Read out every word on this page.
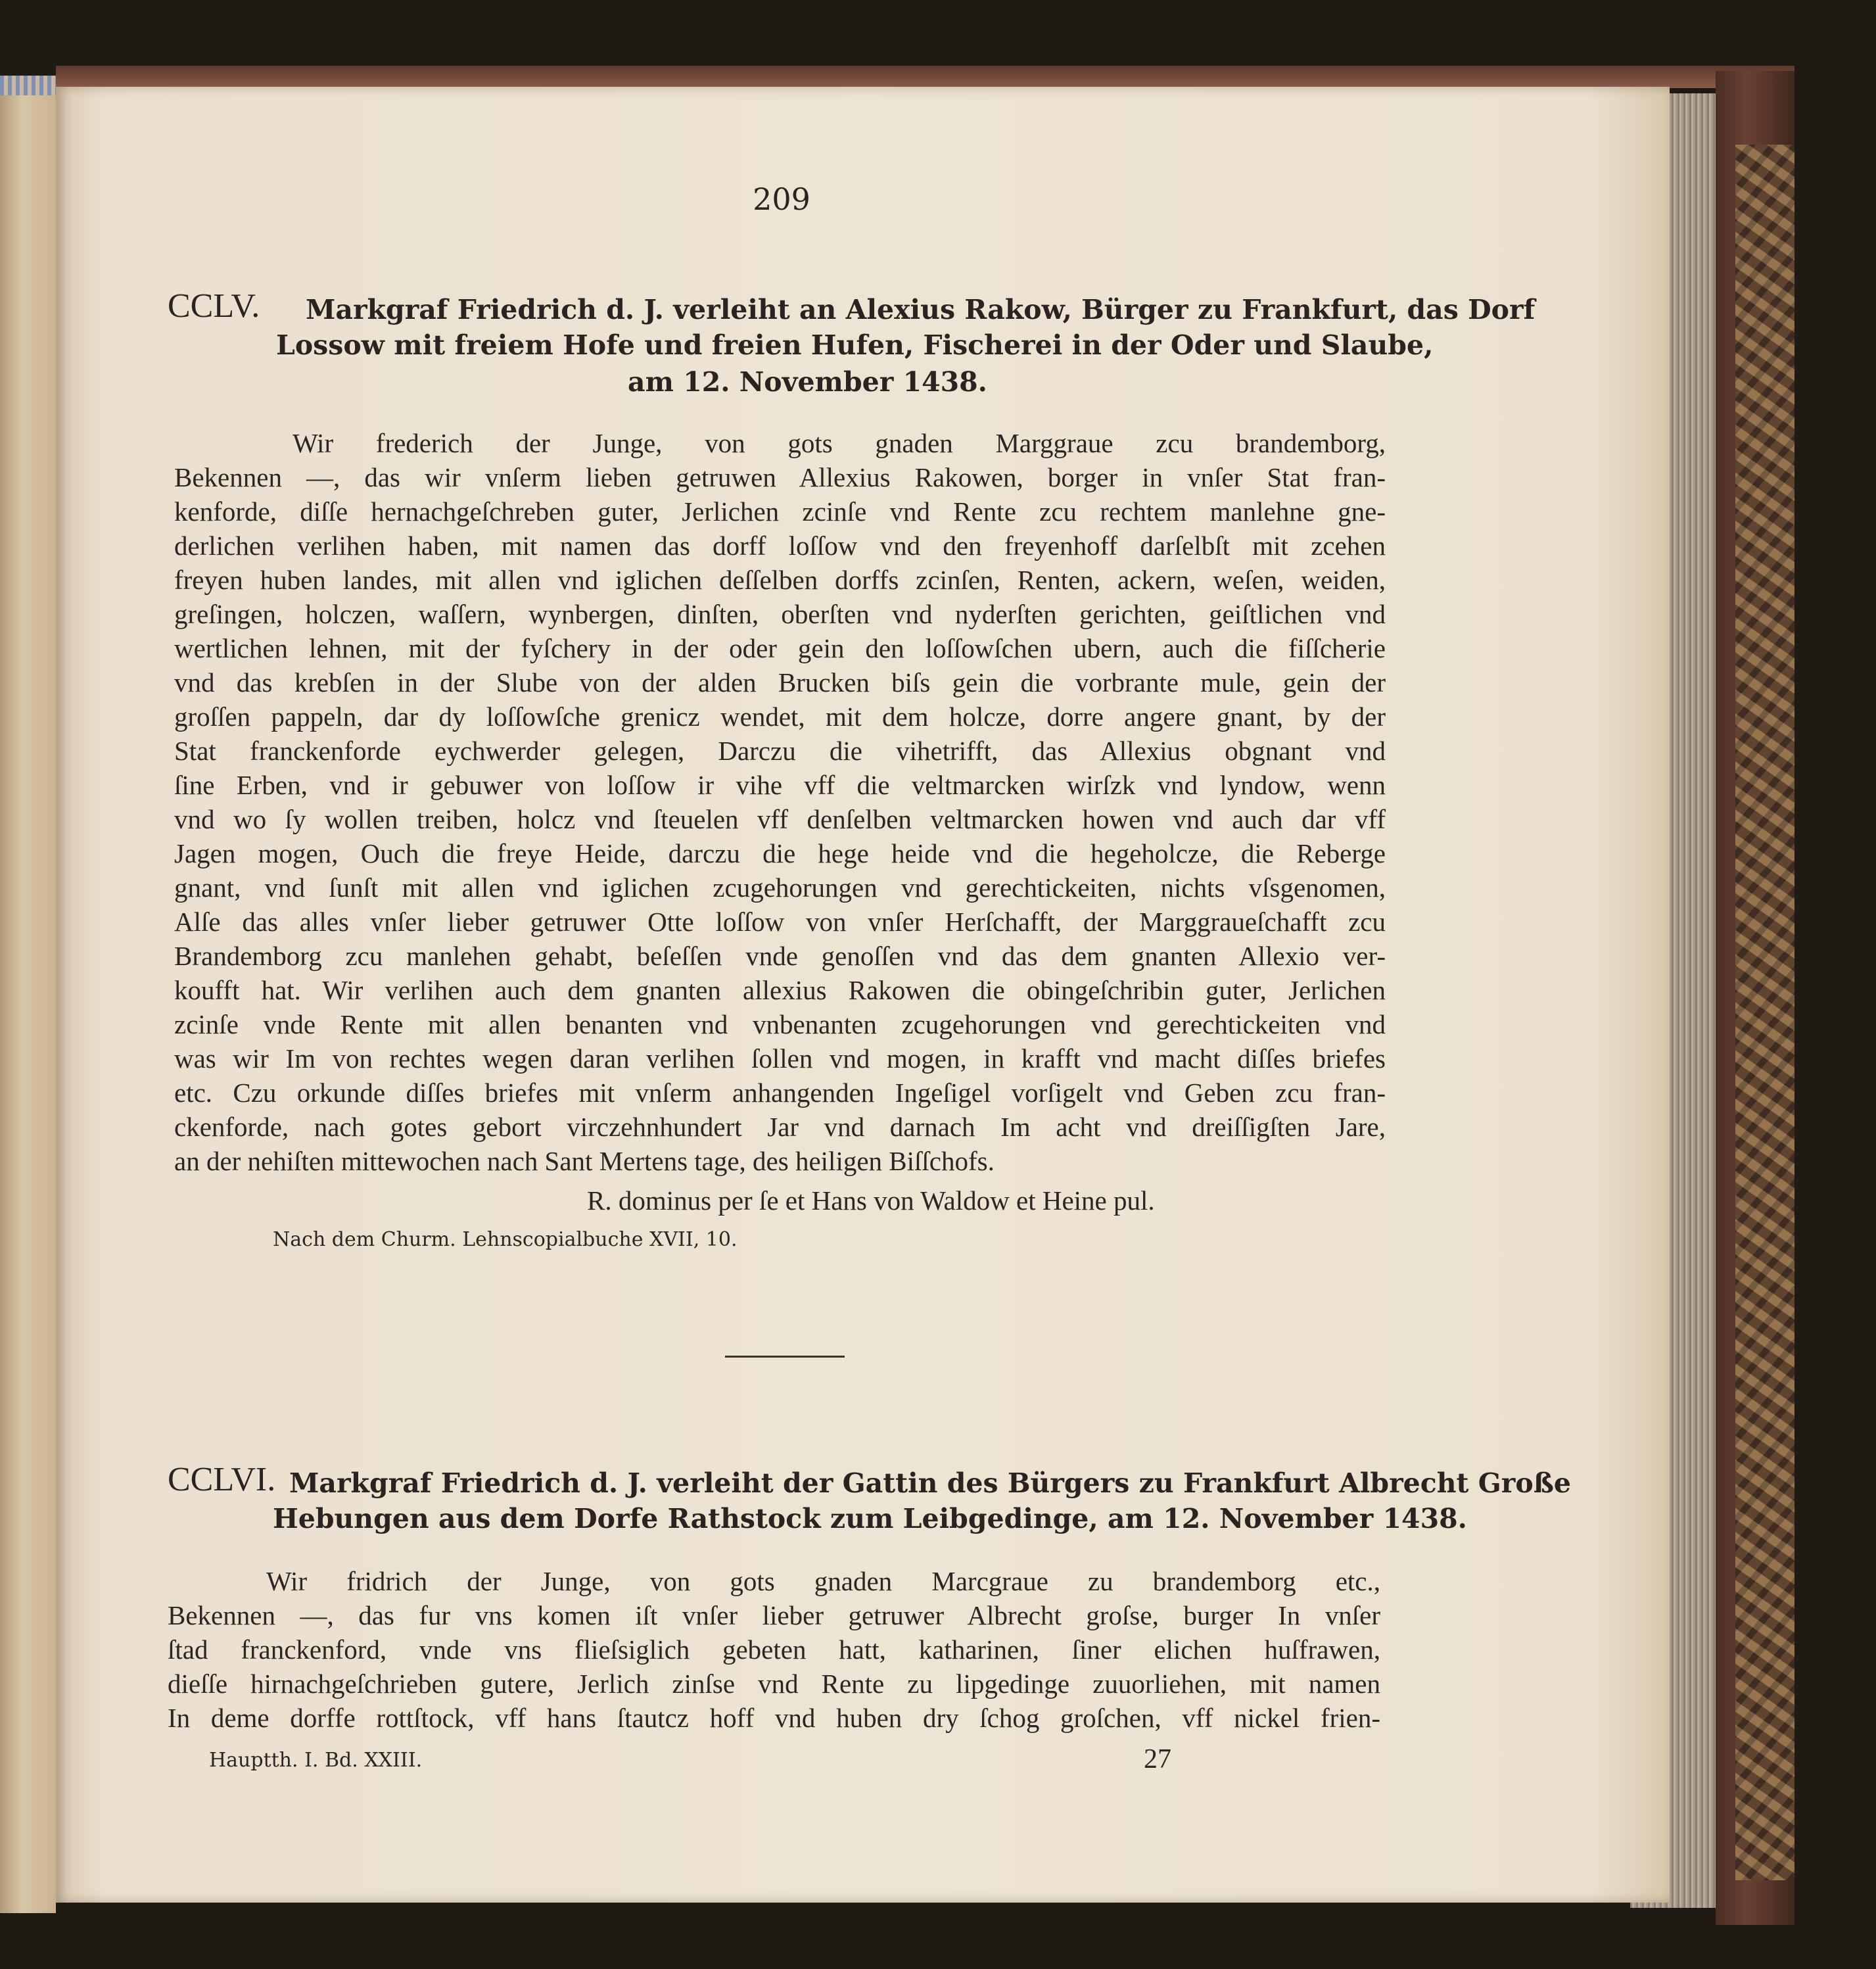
209
CCLV. Markgraf Friedrich d. J. verleiht an Alexius Rakow, Bürger zu Frankfurt, das Dorf
Lossow mit freiem Hofe und freien Hufen, Fischerei in der Oder und Slaube,
am 12. November 1438.
Wir frederich der Junge, von gots gnaden Marggraue zcu brandemborg,
Bekennen —, das wir vnſerm lieben getruwen Allexius Rakowen, borger in vnſer Stat fran-
kenforde, diſſe hernachgeſchreben guter, Jerlichen zcinſe vnd Rente zcu rechtem manlehne gne-
derlichen verlihen haben, mit namen das dorff loſſow vnd den freyenhoff darſelbſt mit zcehen
freyen huben landes, mit allen vnd iglichen deſſelben dorffs zcinſen, Renten, ackern, weſen, weiden,
greſingen, holczen, waſſern, wynbergen, dinſten, oberſten vnd nyderſten gerichten, geiſtlichen vnd
wertlichen lehnen, mit der fyſchery in der oder gein den loſſowſchen ubern, auch die fiſſcherie
vnd das krebſen in der Slube von der alden Brucken biſs gein die vorbrante mule, gein der
groſſen pappeln, dar dy loſſowſche grenicz wendet, mit dem holcze, dorre angere gnant, by der
Stat franckenforde eychwerder gelegen, Darczu die vihetrifft, das Allexius obgnant vnd
ſine Erben, vnd ir gebuwer von loſſow ir vihe vff die veltmarcken wirſzk vnd lyndow, wenn
vnd wo ſy wollen treiben, holcz vnd ſteuelen vff denſelben veltmarcken howen vnd auch dar vff
Jagen mogen, Ouch die freye Heide, darczu die hege heide vnd die hegeholcze, die Reberge
gnant, vnd ſunſt mit allen vnd iglichen zcugehorungen vnd gerechtickeiten, nichts vſsgenomen,
Alſe das alles vnſer lieber getruwer Otte loſſow von vnſer Herſchafft, der Marggraueſchafft zcu
Brandemborg zcu manlehen gehabt, beſeſſen vnde genoſſen vnd das dem gnanten Allexio ver-
koufft hat. Wir verlihen auch dem gnanten allexius Rakowen die obingeſchribin guter, Jerlichen
zcinſe vnde Rente mit allen benanten vnd vnbenanten zcugehorungen vnd gerechtickeiten vnd
was wir Im von rechtes wegen daran verlihen ſollen vnd mogen, in krafft vnd macht diſſes briefes
etc. Czu orkunde diſſes briefes mit vnſerm anhangenden Ingeſigel vorſigelt vnd Geben zcu fran-
ckenforde, nach gotes gebort virczehnhundert Jar vnd darnach Im acht vnd dreiſſigſten Jare,
an der nehiſten mittewochen nach Sant Mertens tage, des heiligen Biſſchofs.
R. dominus per ſe et Hans von Waldow et Heine pul.
Nach dem Churm. Lehnscopialbuche XVII, 10.
CCLVI. Markgraf Friedrich d. J. verleiht der Gattin des Bürgers zu Frankfurt Albrecht Große
Hebungen aus dem Dorfe Rathstock zum Leibgedinge, am 12. November 1438.
Wir fridrich der Junge, von gots gnaden Marcgraue zu brandemborg etc.,
Bekennen —, das fur vns komen iſt vnſer lieber getruwer Albrecht groſse, burger In vnſer
ſtad franckenford, vnde vns flieſsiglich gebeten hatt, katharinen, ſiner elichen huſfrawen,
dieſſe hirnachgeſchrieben gutere, Jerlich zinſse vnd Rente zu lipgedinge zuuorliehen, mit namen
In deme dorffe rottſtock, vff hans ſtautcz hoff vnd huben dry ſchog groſchen, vff nickel frien-
Hauptth. I. Bd. XXIII.	27
